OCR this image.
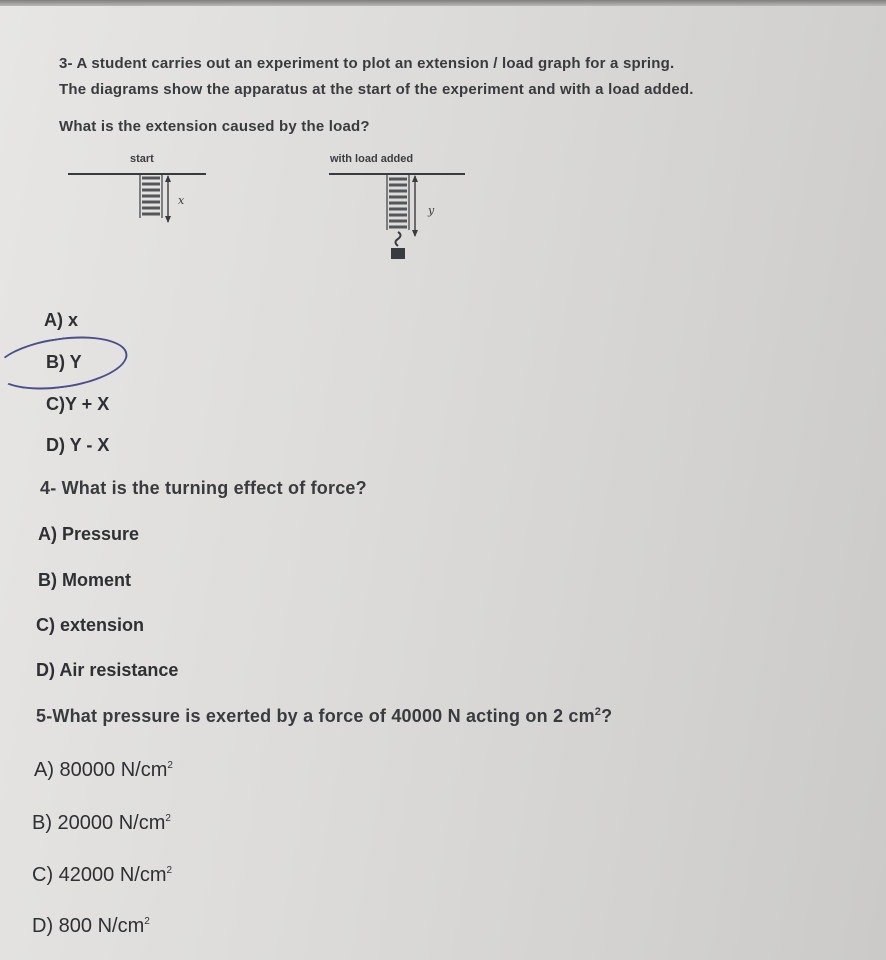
3- A student carries out an experiment to plot an extension / load graph for a spring.
The diagrams show the apparatus at the start of the experiment and with a load added.
What is the extension caused by the load?
start
x
with load added
y
A) x
B) Y
C)Y + X
D) Y - X
4- What is the turning effect of force?
A) Pressure
B) Moment
C) extension
D) Air resistance
5-What pressure is exerted by a force of 40000 N acting on 2 $cm^2$?
A) 80000 $N/cm^2$
B) 20000 $N/cm^2$
C) 42000 $N/cm^2$
D) 800 $N/cm^2$
